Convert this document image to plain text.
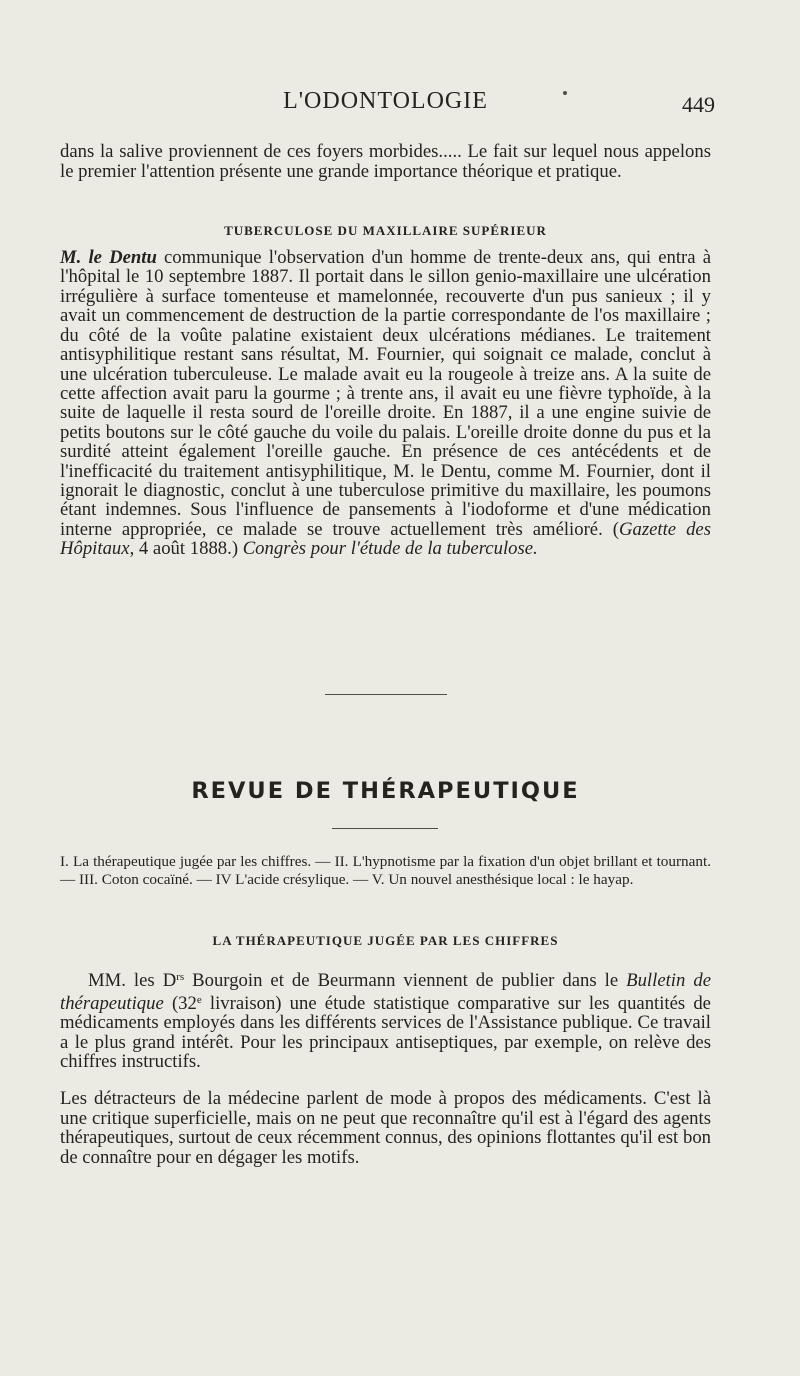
L'ODONTOLOGIE	449

dans la salive proviennent de ces foyers morbides..... Le fait sur lequel nous appelons le premier l'attention présente une grande importance théorique et pratique.

TUBERCULOSE DU MAXILLAIRE SUPÉRIEUR

M. le Dentu communique l'observation d'un homme de trente-deux ans, qui entra à l'hôpital le 10 septembre 1887. Il portait dans le sillon genio-maxillaire une ulcération irrégulière à surface tomenteuse et mamelonnée, recouverte d'un pus sanieux ; il y avait un commencement de destruction de la partie correspondante de l'os maxillaire ; du côté de la voûte palatine existaient deux ulcérations médianes. Le traitement antisyphilitique restant sans résultat, M. Fournier, qui soignait ce malade, conclut à une ulcération tuberculeuse. Le malade avait eu la rougeole à treize ans. A la suite de cette affection avait paru la gourme ; à trente ans, il avait eu une fièvre typhoïde, à la suite de laquelle il resta sourd de l'oreille droite. En 1887, il a une engine suivie de petits boutons sur le côté gauche du voile du palais. L'oreille droite donne du pus et la surdité atteint également l'oreille gauche. En présence de ces antécédents et de l'inefficacité du traitement antisyphilitique, M. le Dentu, comme M. Fournier, dont il ignorait le diagnostic, conclut à une tuberculose primitive du maxillaire, les poumons étant indemnes. Sous l'influence de pansements à l'iodoforme et d'une médication interne appropriée, ce malade se trouve actuellement très amélioré. (Gazette des Hôpitaux, 4 août 1888.) Congrès pour l'étude de la tuberculose.

REVUE DE THÉRAPEUTIQUE

I. La thérapeutique jugée par les chiffres. — II. L'hypnotisme par la fixation d'un objet brillant et tournant. — III. Coton cocaïné. — IV L'acide crésylique. — V. Un nouvel anesthésique local : le hayap.

LA THÉRAPEUTIQUE JUGÉE PAR LES CHIFFRES

MM. les $D^{rs}$ Bourgoin et de Beurmann viennent de publier dans le Bulletin de thérapeutique (32e livraison) une étude statistique comparative sur les quantités de médicaments employés dans les différents services de l'Assistance publique. Ce travail a le plus grand intérêt. Pour les principaux antiseptiques, par exemple, on relève des chiffres instructifs.

Les détracteurs de la médecine parlent de mode à propos des médicaments. C'est là une critique superficielle, mais on ne peut que reconnaître qu'il est à l'égard des agents thérapeutiques, surtout de ceux récemment connus, des opinions flottantes qu'il est bon de connaître pour en dégager les motifs.
